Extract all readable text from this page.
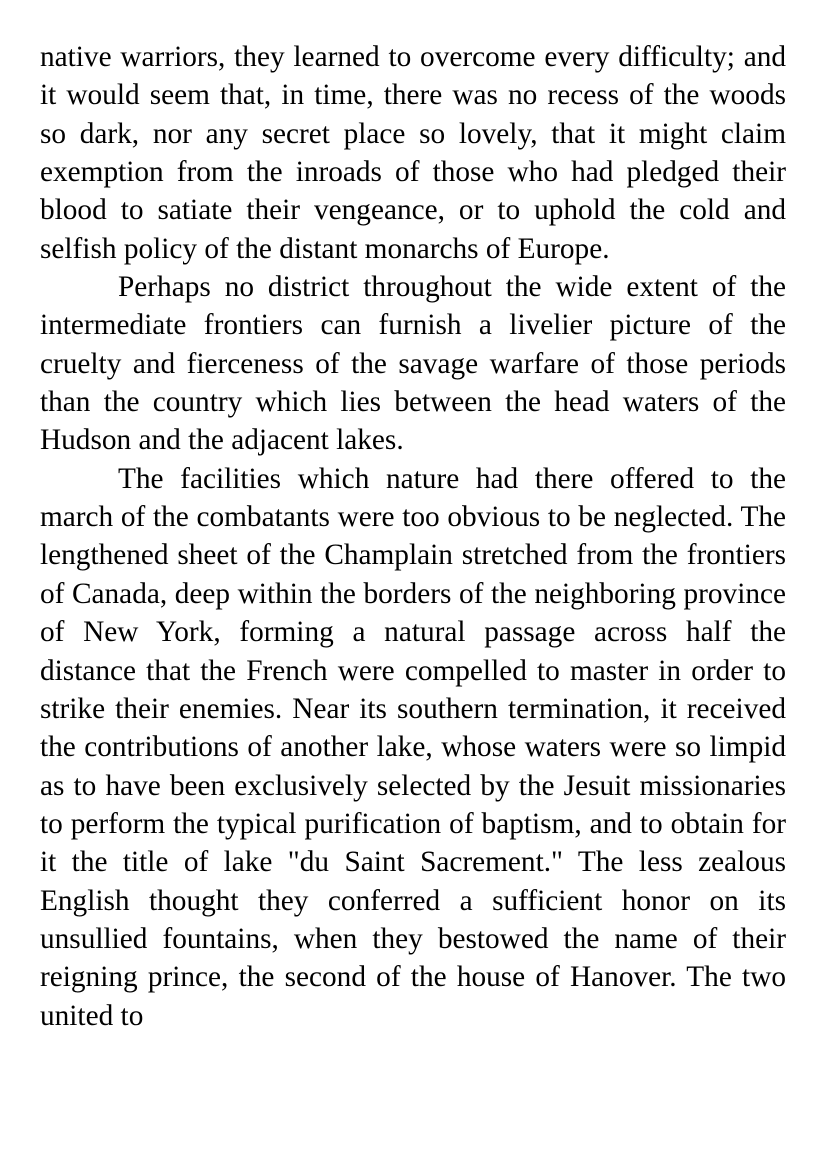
native warriors, they learned to overcome every difficulty; and it would seem that, in time, there was no recess of the woods so dark, nor any secret place so lovely, that it might claim exemption from the inroads of those who had pledged their blood to satiate their vengeance, or to uphold the cold and selfish policy of the distant monarchs of Europe.

Perhaps no district throughout the wide extent of the intermediate frontiers can furnish a livelier picture of the cruelty and fierceness of the savage warfare of those periods than the country which lies between the head waters of the Hudson and the adjacent lakes.

The facilities which nature had there offered to the march of the combatants were too obvious to be neglected. The lengthened sheet of the Champlain stretched from the frontiers of Canada, deep within the borders of the neighboring province of New York, forming a natural passage across half the distance that the French were compelled to master in order to strike their enemies. Near its southern termination, it received the contributions of another lake, whose waters were so limpid as to have been exclusively selected by the Jesuit missionaries to perform the typical purification of baptism, and to obtain for it the title of lake "du Saint Sacrement." The less zealous English thought they conferred a sufficient honor on its unsullied fountains, when they bestowed the name of their reigning prince, the second of the house of Hanover. The two united to
